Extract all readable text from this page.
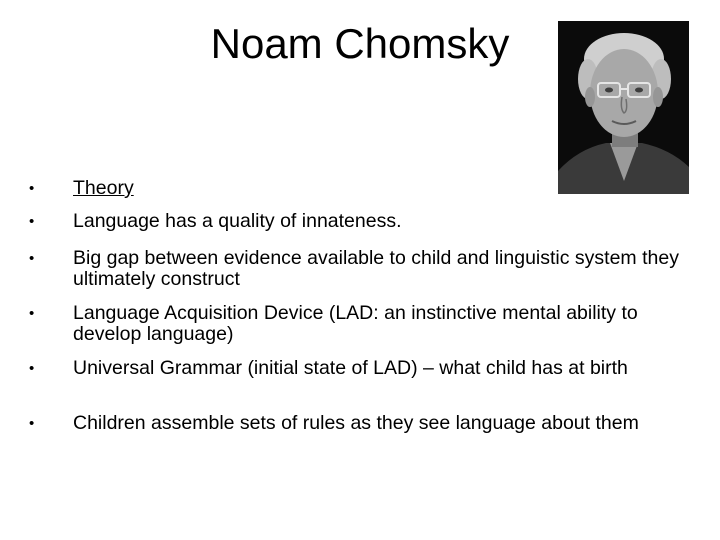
Noam Chomsky
•	Theory
•	Language has a quality of innateness.
•	Big gap between evidence available to child and linguistic system they ultimately construct
•	Language Acquisition Device (LAD: an instinctive mental ability to develop language)
•	Universal Grammar (initial state of LAD) – what child has at birth
•	Children assemble sets of rules as they see language about them
